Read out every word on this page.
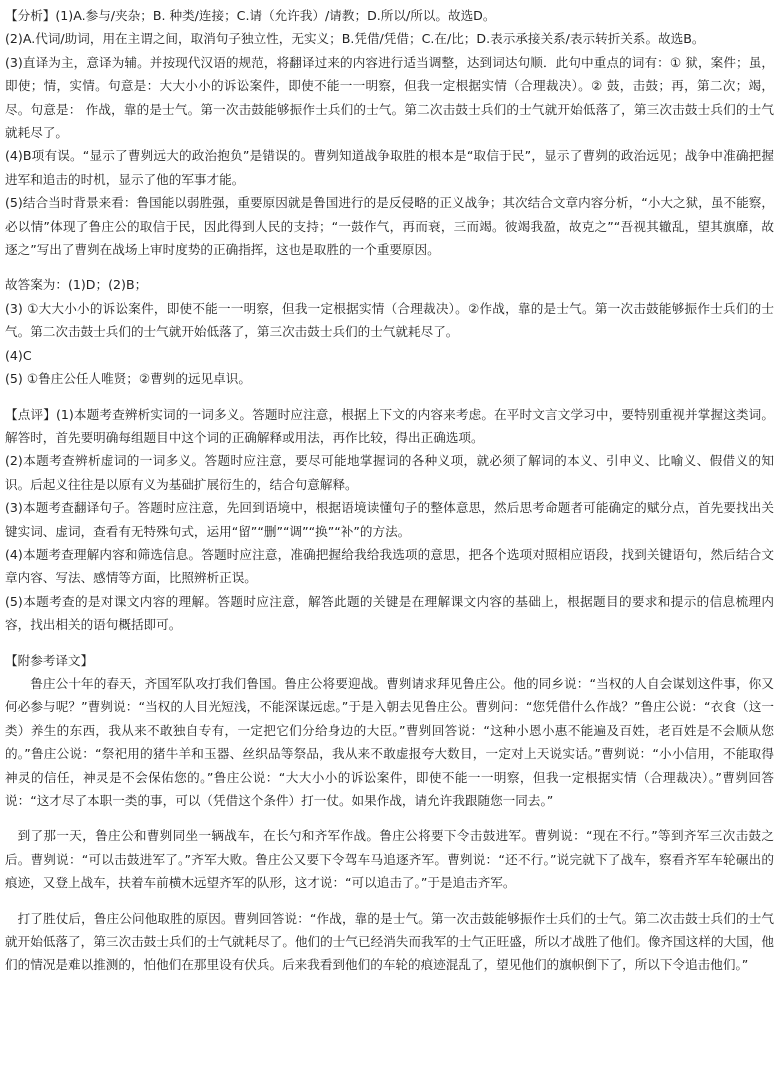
【分析】(1)A.参与/夹杂；B. 种类/连接；C.请（允许我）/请教；D.所以/所以。故选D。

(2)A.代词/助词，用在主谓之间，取消句子独立性，无实义；B.凭借/凭借；C.在/比；D.表示承接关系/表示转折关系。故选B。

(3)直译为主，意译为辅。并按现代汉语的规范，将翻译过来的内容进行适当调整，达到词达句顺．此句中重点的词有：① 狱，案件；虽，即使；情，实情。句意是：大大小小的诉讼案件，即使不能一一明察，但我一定根据实情（合理裁决）。② 鼓，击鼓；再，第二次；竭，尽。句意是： 作战，靠的是士气。第一次击鼓能够振作士兵们的士气。第二次击鼓士兵们的士气就开始低落了，第三次击鼓士兵们的士气就耗尽了。

(4)B项有误。“显示了曹刿远大的政治抱负”是错误的。曹刿知道战争取胜的根本是“取信于民”，显示了曹刿的政治远见；战争中准确把握进军和追击的时机，显示了他的军事才能。

(5)结合当时背景来看：鲁国能以弱胜强，重要原因就是鲁国进行的是反侵略的正义战争；其次结合文章内容分析，“小大之狱，虽不能察，必以情”体现了鲁庄公的取信于民，因此得到人民的支持；“一鼓作气，再而衰，三而竭。彼竭我盈，故克之”“吾视其辙乱，望其旗靡，故逐之”写出了曹刿在战场上审时度势的正确指挥，这也是取胜的一个重要原因。

故答案为：(1)D；(2)B；

(3) ①大大小小的诉讼案件，即使不能一一明察，但我一定根据实情（合理裁决）。②作战，靠的是士气。第一次击鼓能够振作士兵们的士气。第二次击鼓士兵们的士气就开始低落了，第三次击鼓士兵们的士气就耗尽了。

(4)C

(5) ①鲁庄公任人唯贤；②曹刿的远见卓识。

【点评】(1)本题考查辨析实词的一词多义。答题时应注意，根据上下文的内容来考虑。在平时文言文学习中，要特别重视并掌握这类词。解答时，首先要明确每组题目中这个词的正确解释或用法，再作比较，得出正确选项。

(2)本题考查辨析虚词的一词多义。答题时应注意，要尽可能地掌握词的各种义项，就必须了解词的本义、引申义、比喻义、假借义的知识。后起义往往是以原有义为基础扩展衍生的，结合句意解释。

(3)本题考查翻译句子。答题时应注意，先回到语境中，根据语境读懂句子的整体意思，然后思考命题者可能确定的赋分点，首先要找出关键实词、虚词，查看有无特殊句式，运用“留”“删”“调”“换”“补”的方法。

(4)本题考查理解内容和筛选信息。答题时应注意，准确把握给我给我选项的意思，把各个选项对照相应语段，找到关键语句，然后结合文章内容、写法、感情等方面，比照辨析正误。

(5)本题考查的是对课文内容的理解。答题时应注意，解答此题的关键是在理解课文内容的基础上，根据题目的要求和提示的信息梳理内容，找出相关的语句概括即可。

【附参考译文】

鲁庄公十年的春天，齐国军队攻打我们鲁国。鲁庄公将要迎战。曹刿请求拜见鲁庄公。他的同乡说：“当权的人自会谋划这件事，你又何必参与呢？”曹刿说：“当权的人目光短浅，不能深谋远虑。”于是入朝去见鲁庄公。曹刿问：“您凭借什么作战？”鲁庄公说：“衣食（这一类）养生的东西，我从来不敢独自专有，一定把它们分给身边的大臣。”曹刿回答说：“这种小恩小惠不能遍及百姓，老百姓是不会顺从您的。”鲁庄公说：“祭祀用的猪牛羊和玉器、丝织品等祭品，我从来不敢虚报夸大数目，一定对上天说实话。”曹刿说：“小小信用，不能取得神灵的信任，神灵是不会保佑您的。”鲁庄公说：“大大小小的诉讼案件，即使不能一一明察，但我一定根据实情（合理裁决）。”曹刿回答说：“这才尽了本职一类的事，可以（凭借这个条件）打一仗。如果作战，请允许我跟随您一同去。”

到了那一天，鲁庄公和曹刿同坐一辆战车，在长勺和齐军作战。鲁庄公将要下令击鼓进军。曹刿说：“现在不行。”等到齐军三次击鼓之后。曹刿说：“可以击鼓进军了。”齐军大败。鲁庄公又要下令驾车马追逐齐军。曹刿说：“还不行。”说完就下了战车，察看齐军车轮碾出的痕迹，又登上战车，扶着车前横木远望齐军的队形，这才说：“可以追击了。”于是追击齐军。

打了胜仗后，鲁庄公问他取胜的原因。曹刿回答说：“作战，靠的是士气。第一次击鼓能够振作士兵们的士气。第二次击鼓士兵们的士气就开始低落了，第三次击鼓士兵们的士气就耗尽了。他们的士气已经消失而我军的士气正旺盛，所以才战胜了他们。像齐国这样的大国，他们的情况是难以推测的，怕他们在那里设有伏兵。后来我看到他们的车轮的痕迹混乱了，望见他们的旗帜倒下了，所以下令追击他们。”
